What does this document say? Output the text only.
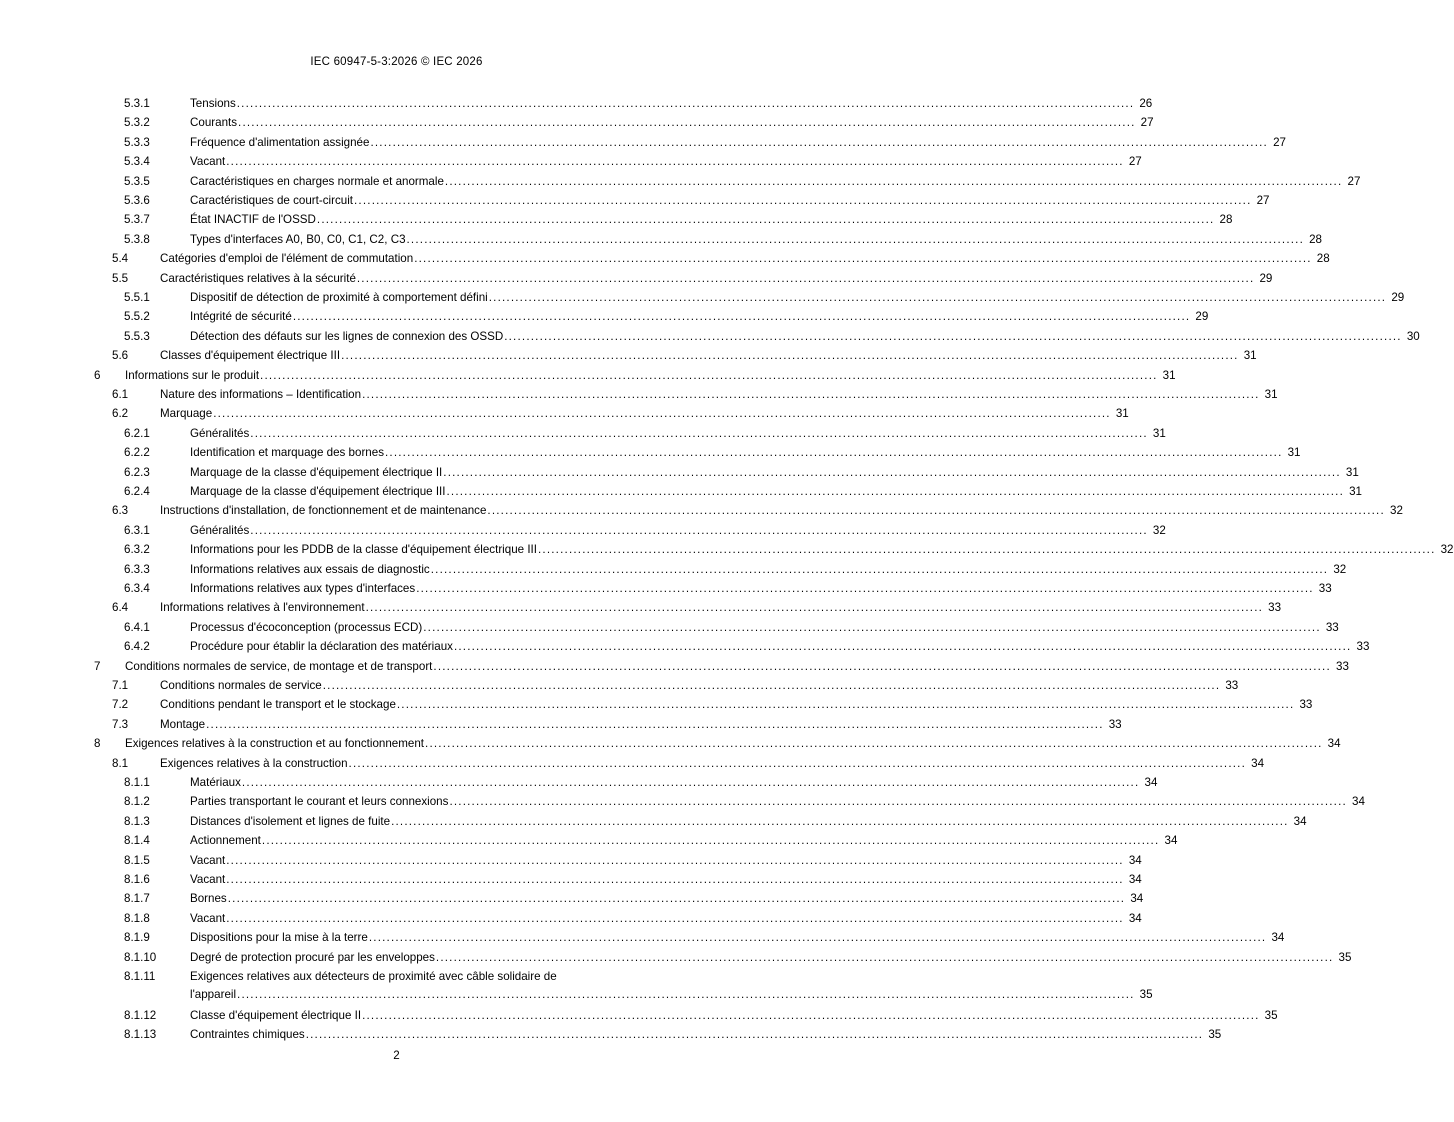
IEC 60947-5-3:2026 © IEC 2026
5.3.1	Tensions ........................................................................................................................................................................................................... 26
5.3.2	Courants ........................................................................................................................................................................................................... 27
5.3.3	Fréquence d'alimentation assignée ........................................................................................................................................................................................................... 27
5.3.4	Vacant ........................................................................................................................................................................................................... 27
5.3.5	Caractéristiques en charges normale et anormale ........................................................................................................................................................................................................... 27
5.3.6	Caractéristiques de court-circuit ........................................................................................................................................................................................................... 27
5.3.7	État INACTIF de l'OSSD ........................................................................................................................................................................................................... 28
5.3.8	Types d'interfaces A0, B0, C0, C1, C2, C3 ........................................................................................................................................................................................................... 28
5.4	Catégories d'emploi de l'élément de commutation ........................................................................................................................................................................................................... 28
5.5	Caractéristiques relatives à la sécurité ........................................................................................................................................................................................................... 29
5.5.1	Dispositif de détection de proximité à comportement défini ........................................................................................................................................................................................................... 29
5.5.2	Intégrité de sécurité ........................................................................................................................................................................................................... 29
5.5.3	Détection des défauts sur les lignes de connexion des OSSD ........................................................................................................................................................................................................... 30
5.6	Classes d'équipement électrique III ........................................................................................................................................................................................................... 31
6 Informations sur le produit ........................................................................................................................................................................................................... 31
6.1	Nature des informations – Identification ........................................................................................................................................................................................................... 31
6.2	Marquage ........................................................................................................................................................................................................... 31
6.2.1	Généralités ........................................................................................................................................................................................................... 31
6.2.2	Identification et marquage des bornes ........................................................................................................................................................................................................... 31
6.2.3	Marquage de la classe d'équipement électrique II ........................................................................................................................................................................................................... 31
6.2.4	Marquage de la classe d'équipement électrique III ........................................................................................................................................................................................................... 31
6.3	Instructions d'installation, de fonctionnement et de maintenance ........................................................................................................................................................................................................... 32
6.3.1	Généralités ........................................................................................................................................................................................................... 32
6.3.2	Informations pour les PDDB de la classe d'équipement électrique III ........................................................................................................................................................................................................... 32
6.3.3	Informations relatives aux essais de diagnostic ........................................................................................................................................................................................................... 32
6.3.4	Informations relatives aux types d'interfaces ........................................................................................................................................................................................................... 33
6.4	Informations relatives à l'environnement ........................................................................................................................................................................................................... 33
6.4.1	Processus d'écoconception (processus ECD) ........................................................................................................................................................................................................... 33
6.4.2	Procédure pour établir la déclaration des matériaux ........................................................................................................................................................................................................... 33
7 Conditions normales de service, de montage et de transport ........................................................................................................................................................................................................... 33
7.1	Conditions normales de service ........................................................................................................................................................................................................... 33
7.2	Conditions pendant le transport et le stockage ........................................................................................................................................................................................................... 33
7.3	Montage ........................................................................................................................................................................................................... 33
8 Exigences relatives à la construction et au fonctionnement ........................................................................................................................................................................................................... 34
8.1	Exigences relatives à la construction ........................................................................................................................................................................................................... 34
8.1.1	Matériaux ........................................................................................................................................................................................................... 34
8.1.2	Parties transportant le courant et leurs connexions ........................................................................................................................................................................................................... 34
8.1.3	Distances d'isolement et lignes de fuite ........................................................................................................................................................................................................... 34
8.1.4	Actionnement ........................................................................................................................................................................................................... 34
8.1.5	Vacant ........................................................................................................................................................................................................... 34
8.1.6	Vacant ........................................................................................................................................................................................................... 34
8.1.7	Bornes ........................................................................................................................................................................................................... 34
8.1.8	Vacant ........................................................................................................................................................................................................... 34
8.1.9	Dispositions pour la mise à la terre ........................................................................................................................................................................................................... 34
8.1.10	Degré de protection procuré par les enveloppes ........................................................................................................................................................................................................... 35
8.1.11	Exigences relatives aux détecteurs de proximité avec câble solidaire de
l'appareil ........................................................................................................................................................................................................... 35
8.1.12	Classe d'équipement électrique II ........................................................................................................................................................................................................... 35
8.1.13	Contraintes chimiques ........................................................................................................................................................................................................... 35
2
